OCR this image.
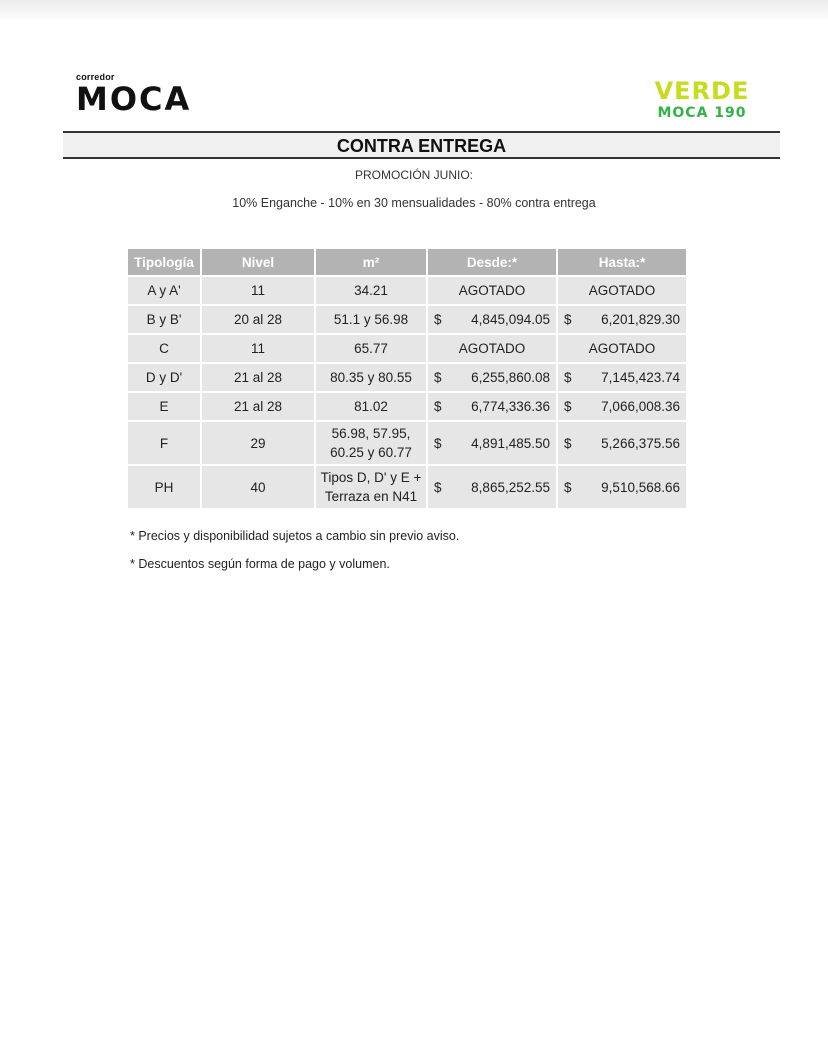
corredor
MOCA	VERDE
MOCA 190
CONTRA ENTREGA
PROMOCIÓN JUNIO:
10% Enganche - 10% en 30 mensualidades - 80% contra entrega
Tipología	Nivel	m²	Desde:*	Hasta:*
A y A'	11	34.21	AGOTADO	AGOTADO
B y B'	20 al 28	51.1 y 56.98	$ 4,845,094.05	$ 6,201,829.30

C	11	65.77	AGOTADO	AGOTADO
D y D'	21 al 28	80.35 y 80.55	$ 6,255,860.08	$ 7,145,423.74

E	21 al 28	81.02	$ 6,774,336.36	$ 7,066,008.36

F	29	56.98, 57.95, 60.25 y 60.77	$ 4,891,485.50	$ 5,266,375.56

PH	40	Tipos D, D' y E + Terraza en N41	$ 8,865,252.55	$ 9,510,568.66
* Precios y disponibilidad sujetos a cambio sin previo aviso.
* Descuentos según forma de pago y volumen.
